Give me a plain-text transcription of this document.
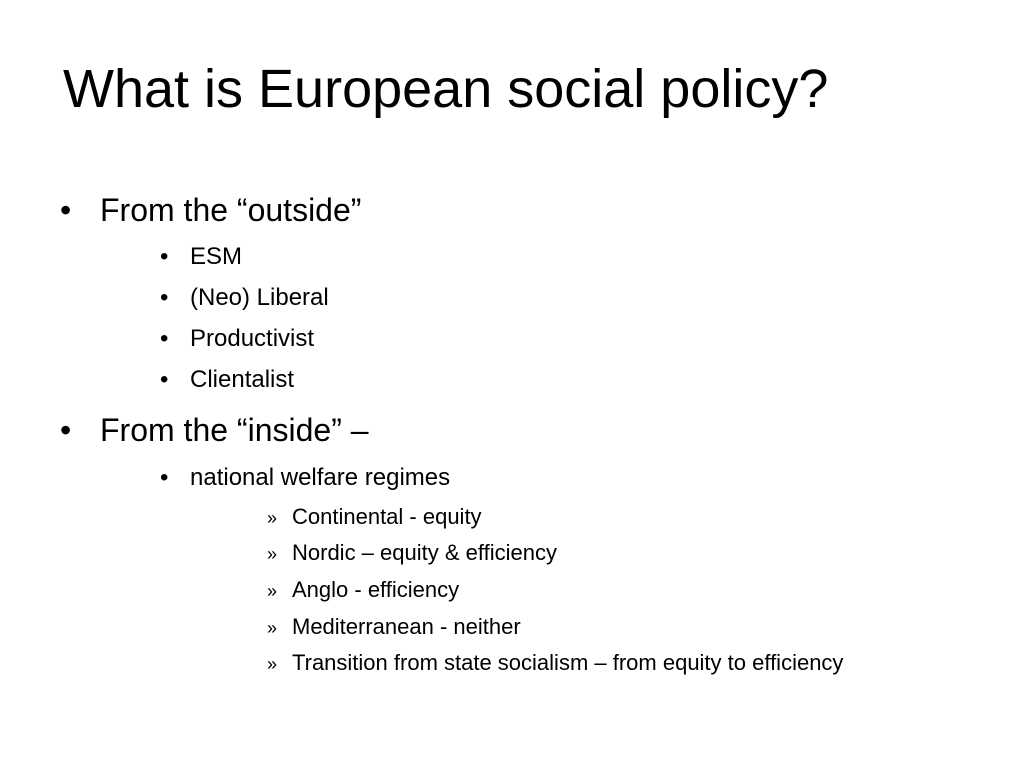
What is European social policy?
• From the “outside”
• ESM
• (Neo) Liberal
• Productivist
• Clientalist
• From the “inside” –
• national welfare regimes
» Continental - equity
» Nordic – equity & efficiency
» Anglo - efficiency
» Mediterranean - neither
» Transition from state socialism – from equity to efficiency
